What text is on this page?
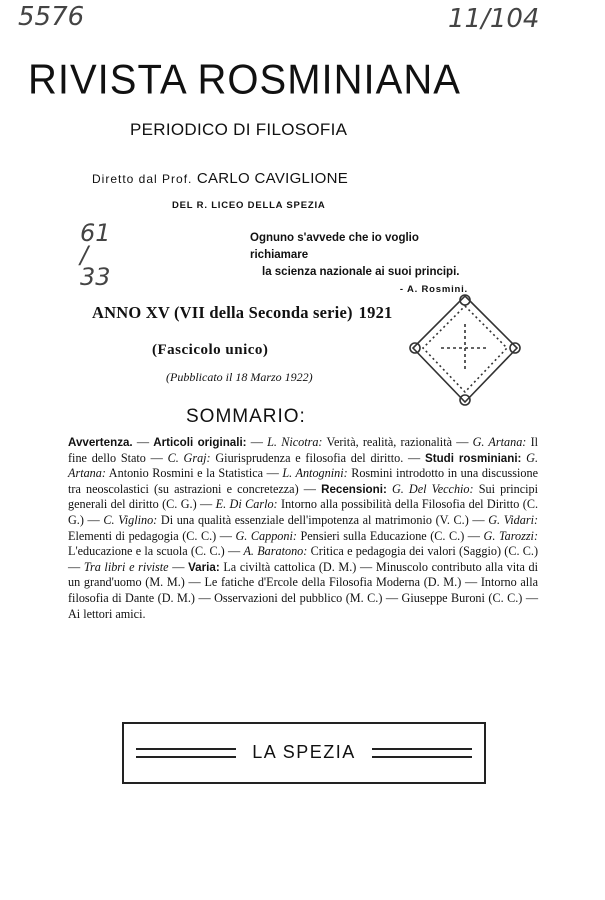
5576	11/104
61 / 33
RIVISTA ROSMINIANA
PERIODICO DI FILOSOFIA
Diretto dal Prof. CARLO CAVIGLIONE
DEL R. LICEO DELLA SPEZIA
Ognuno s'avvede che io voglio richiamare
la scienza nazionale ai suoi principi.
- A. Rosmini.
ANNO XV (VII della Seconda serie) 1921
(Fascicolo unico)
(Pubblicato il 18 Marzo 1922)
SOMMARIO:
Avvertenza. — Articoli originali: — L. Nicotra: Verità, realità, razionalità — G. Artana: Il fine dello Stato — C. Graj: Giurisprudenza e filosofia del diritto. — Studi rosminiani: G. Artana: Antonio Rosmini e la Statistica — L. Antognini: Rosmini introdotto in una discussione tra neoscolastici (su astrazioni e concretezza) — Recensioni: G. Del Vecchio: Sui principi generali del diritto (C. G.) — E. Di Carlo: Intorno alla possibilità della Filosofia del Diritto (C. G.) — C. Viglino: Di una qualità essenziale dell'impotenza al matrimonio (V. C.) — G. Vidari: Elementi di pedagogia (C. C.) — G. Capponi: Pensieri sulla Educazione (C. C.) — G. Tarozzi: L'educazione e la scuola (C. C.) — A. Baratono: Critica e pedagogia dei valori (Saggio) (C. C.) — Tra libri e riviste — Varia: La civiltà cattolica (D. M.) — Minuscolo contributo alla vita di un grand'uomo (M. M.) — Le fatiche d'Ercole della Filosofia Moderna (D. M.) — Intorno alla filosofia di Dante (D. M.) — Osservazioni del pubblico (M. C.) — Giuseppe Buroni (C. C.) — Ai lettori amici.
LA SPEZIA
